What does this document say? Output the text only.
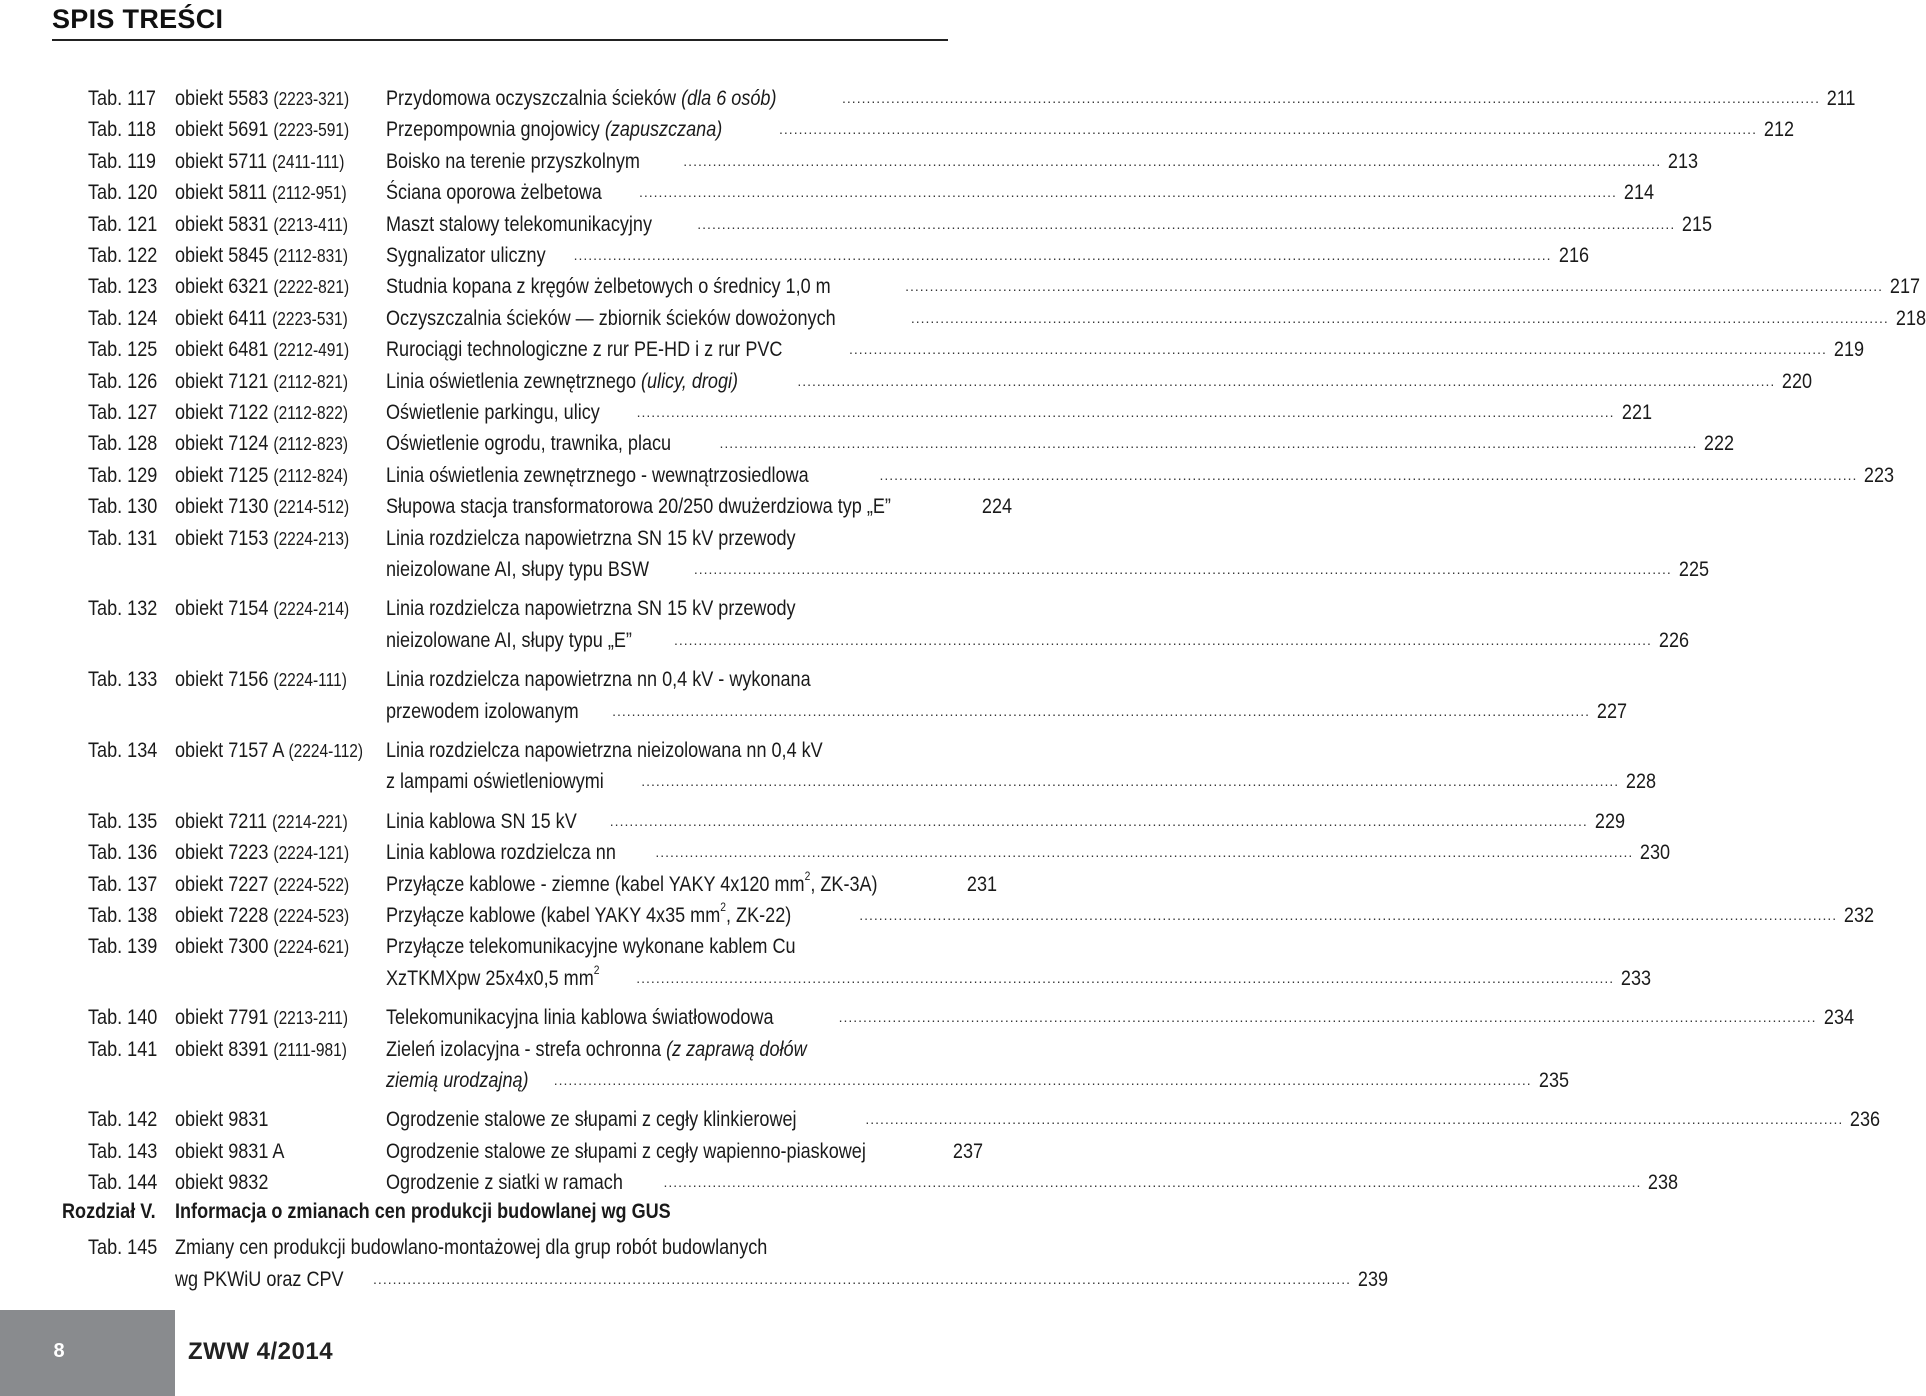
SPIS TREŚCI
Tab. 117 obiekt 5583 (2223-321) Przydomowa oczyszczalnia ścieków (dla 6 osób)	........................................................................................................................................................................................................ 211
Tab. 118 obiekt 5691 (2223-591) Przepompownia gnojowicy (zapuszczana)	........................................................................................................................................................................................................ 212
Tab. 119 obiekt 5711 (2411-111) Boisko na terenie przyszkolnym	........................................................................................................................................................................................................ 213
Tab. 120 obiekt 5811 (2112-951) Ściana oporowa żelbetowa	........................................................................................................................................................................................................ 214
Tab. 121 obiekt 5831 (2213-411) Maszt stalowy telekomunikacyjny	........................................................................................................................................................................................................ 215
Tab. 122 obiekt 5845 (2112-831) Sygnalizator uliczny ........................................................................................................................................................................................................ 216
Tab. 123 obiekt 6321 (2222-821) Studnia kopana z kręgów żelbetowych o średnicy 1,0 m	........................................................................................................................................................................................................ 217
Tab. 124 obiekt 6411 (2223-531) Oczyszczalnia ścieków — zbiornik ścieków dowożonych	........................................................................................................................................................................................................ 218
Tab. 125 obiekt 6481 (2212-491) Rurociągi technologiczne z rur PE-HD i z rur PVC	........................................................................................................................................................................................................ 219
Tab. 126 obiekt 7121 (2112-821) Linia oświetlenia zewnętrznego (ulicy, drogi)	........................................................................................................................................................................................................ 220
Tab. 127 obiekt 7122 (2112-822) Oświetlenie parkingu, ulicy	........................................................................................................................................................................................................ 221
Tab. 128 obiekt 7124 (2112-823) Oświetlenie ogrodu, trawnika, placu	........................................................................................................................................................................................................ 222
Tab. 129 obiekt 7125 (2112-824) Linia oświetlenia zewnętrznego - wewnątrzosiedlowa	........................................................................................................................................................................................................ 223
Tab. 130 obiekt 7130 (2214-512) Słupowa stacja transformatorowa 20/250 dwużerdziowa typ „E”	224
Tab. 131 obiekt 7153 (2224-213) Linia rozdzielcza napowietrzna SN 15 kV przewody
nieizolowane AI, słupy typu BSW	........................................................................................................................................................................................................ 225
Tab. 132 obiekt 7154 (2224-214) Linia rozdzielcza napowietrzna SN 15 kV przewody
nieizolowane AI, słupy typu „E”	........................................................................................................................................................................................................ 226
Tab. 133 obiekt 7156 (2224-111) Linia rozdzielcza napowietrzna nn 0,4 kV - wykonana
przewodem izolowanym ........................................................................................................................................................................................................ 227
Tab. 134 obiekt 7157 A (2224-112) Linia rozdzielcza napowietrzna nieizolowana nn 0,4 kV
z lampami oświetleniowymi	........................................................................................................................................................................................................ 228
Tab. 135 obiekt 7211 (2214-221) Linia kablowa SN 15 kV ........................................................................................................................................................................................................ 229
Tab. 136 obiekt 7223 (2224-121) Linia kablowa rozdzielcza nn	........................................................................................................................................................................................................ 230
Tab. 137 obiekt 7227 (2224-522) Przyłącze kablowe - ziemne (kabel YAKY 4x120 $mm^2$, ZK-3A)	231
Tab. 138 obiekt 7228 (2224-523) Przyłącze kablowe (kabel YAKY 4x35 $mm^2$, ZK-22)	........................................................................................................................................................................................................ 232
Tab. 139 obiekt 7300 (2224-621) Przyłącze telekomunikacyjne wykonane kablem Cu
XzTKMXpw 25x4x0,5 $mm^2$	........................................................................................................................................................................................................ 233
Tab. 140 obiekt 7791 (2213-211) Telekomunikacyjna linia kablowa światłowodowa	........................................................................................................................................................................................................ 234
Tab. 141 obiekt 8391 (2111-981) Zieleń izolacyjna - strefa ochronna (z zaprawą dołów
ziemią urodzajną) ........................................................................................................................................................................................................ 235
Tab. 142 obiekt 9831	Ogrodzenie stalowe ze słupami z cegły klinkierowej	........................................................................................................................................................................................................ 236
Tab. 143 obiekt 9831 A	Ogrodzenie stalowe ze słupami z cegły wapienno-piaskowej	237
Tab. 144 obiekt 9832	Ogrodzenie z siatki w ramach	........................................................................................................................................................................................................ 238
Rozdział V. Informacja o zmianach cen produkcji budowlanej wg GUS
Tab. 145 Zmiany cen produkcji budowlano-montażowej dla grup robót budowlanych
wg PKWiU oraz CPV ........................................................................................................................................................................................................ 239
8	ZWW 4/2014
